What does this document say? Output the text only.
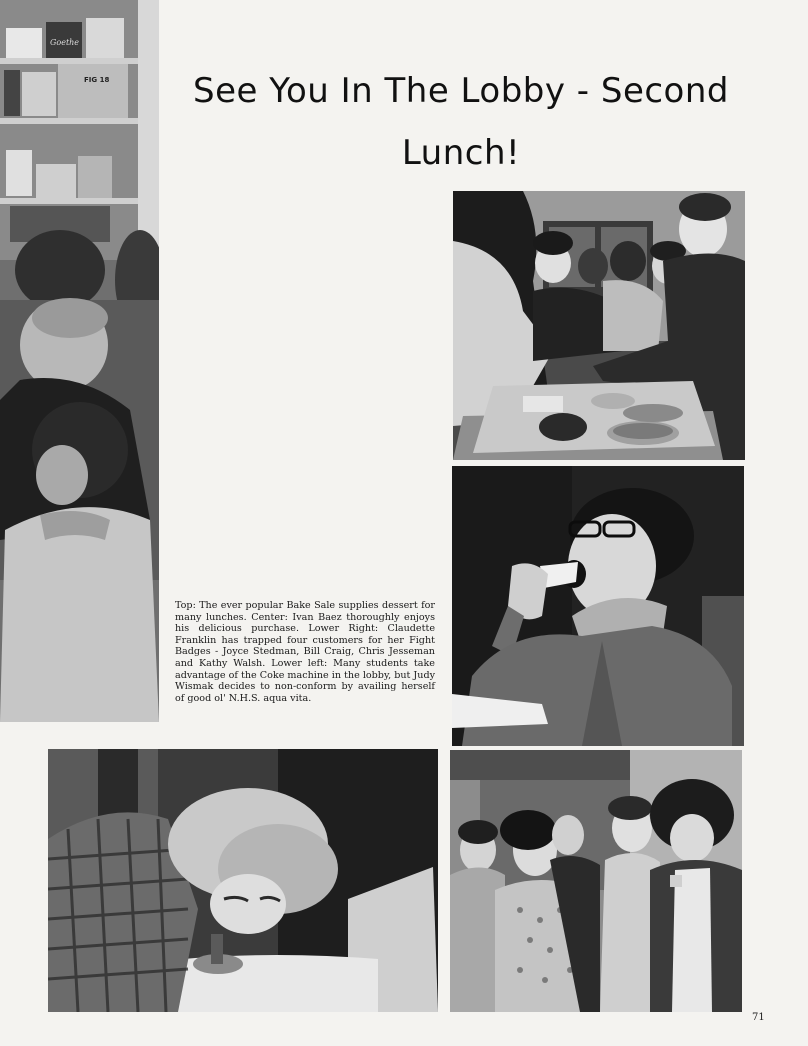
See You In The Lobby - Second
Lunch!
Goethe
FIG 18

Top: The ever popular Bake Sale supplies dessert for many lunches. Center: Ivan Baez thoroughly enjoys his delicious purchase. Lower Right: Claudette Franklin has trapped four customers for her Fight Badges - Joyce Stedman, Bill Craig, Chris Jesseman and Kathy Walsh. Lower left: Many students take advantage of the Coke machine in the lobby, but Judy Wismak decides to non-conform by availing herself of good ol' N.H.S. aqua vita.

71
